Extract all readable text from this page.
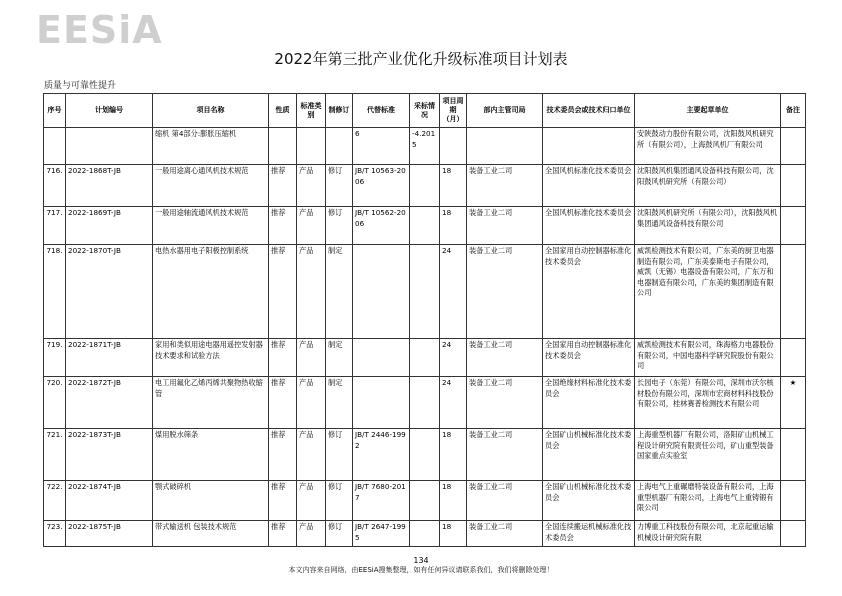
EESiA
2022年第三批产业优化升级标准项目计划表
质量与可靠性提升
序号	计划编号	项目名称	性质	标准类别	制修订	代替标准	采标情况	项目周期（月）	部内主管司局	技术委员会或技术归口单位	主要起草单位	备注
		缩机 第4部分:膨胀压缩机				6	-4.2015				安陕鼓动力股份有限公司，沈阳鼓风机研究所（有限公司），上海鼓风机厂有限公司	
716.	2022-1868T-JB	一般用途离心通风机技术规范	推荐	产品	修订	JB/T 10563-2006		18	装备工业二司	全国风机标准化技术委员会	沈阳鼓风机集团通风设备科技有限公司，沈阳鼓风机研究所（有限公司）	
717.	2022-1869T-JB	一般用途轴流通风机技术规范	推荐	产品	修订	JB/T 10562-2006		18	装备工业二司	全国风机标准化技术委员会	沈阳鼓风机研究所（有限公司），沈阳鼓风机集团通风设备科技有限公司	
718.	2022-1870T-JB	电热水器用电子阳极控制系统	推荐	产品	制定			24	装备工业二司	全国家用自动控制器标准化技术委员会	威凯检测技术有限公司，广东美的厨卫电器制造有限公司，广东美泰斯电子有限公司，威凯（无锡）电器设备有限公司，广东万和电器制造有限公司，广东美的集团制造有限公司	
719.	2022-1871T-JB	家用和类似用途电器用遥控发射器技术要求和试验方法	推荐	产品	制定			24	装备工业二司	全国家用自动控制器标准化技术委员会	威凯检测技术有限公司，珠海格力电器股份有限公司，中国电器科学研究院股份有限公司	
720.	2022-1872T-JB	电工用氟化乙烯丙烯共聚物热收缩管	推荐	产品	制定			24	装备工业二司	全国绝缘材料标准化技术委员会	长园电子（东莞）有限公司，深圳市沃尔核材股份有限公司，深圳市宏商材料科技股份有限公司，桂林赛普检测技术有限公司	★
721.	2022-1873T-JB	煤用脱水筛条	推荐	产品	修订	JB/T 2446-1992		18	装备工业二司	全国矿山机械标准化技术委员会	上海重型机器厂有限公司，洛阳矿山机械工程设计研究院有限责任公司，矿山重型装备国家重点实验室	
722.	2022-1874T-JB	颚式破碎机	推荐	产品	修订	JB/T 7680-2017		18	装备工业二司	全国矿山机械标准化技术委员会	上海电气上重碾磨特装设备有限公司，上海重型机器厂有限公司，上海电气上重铸锻有限公司	
723.	2022-1875T-JB	带式输送机 包装技术规范	推荐	产品	修订	JB/T 2647-1995		18	装备工业二司	全国连续搬运机械标准化技术委员会	力博重工科技股份有限公司，北京起重运输机械设计研究院有限	
134
本文内容来自网络，由EESiA搜集整理，如有任何异议请联系我们，我们将删除处理！
